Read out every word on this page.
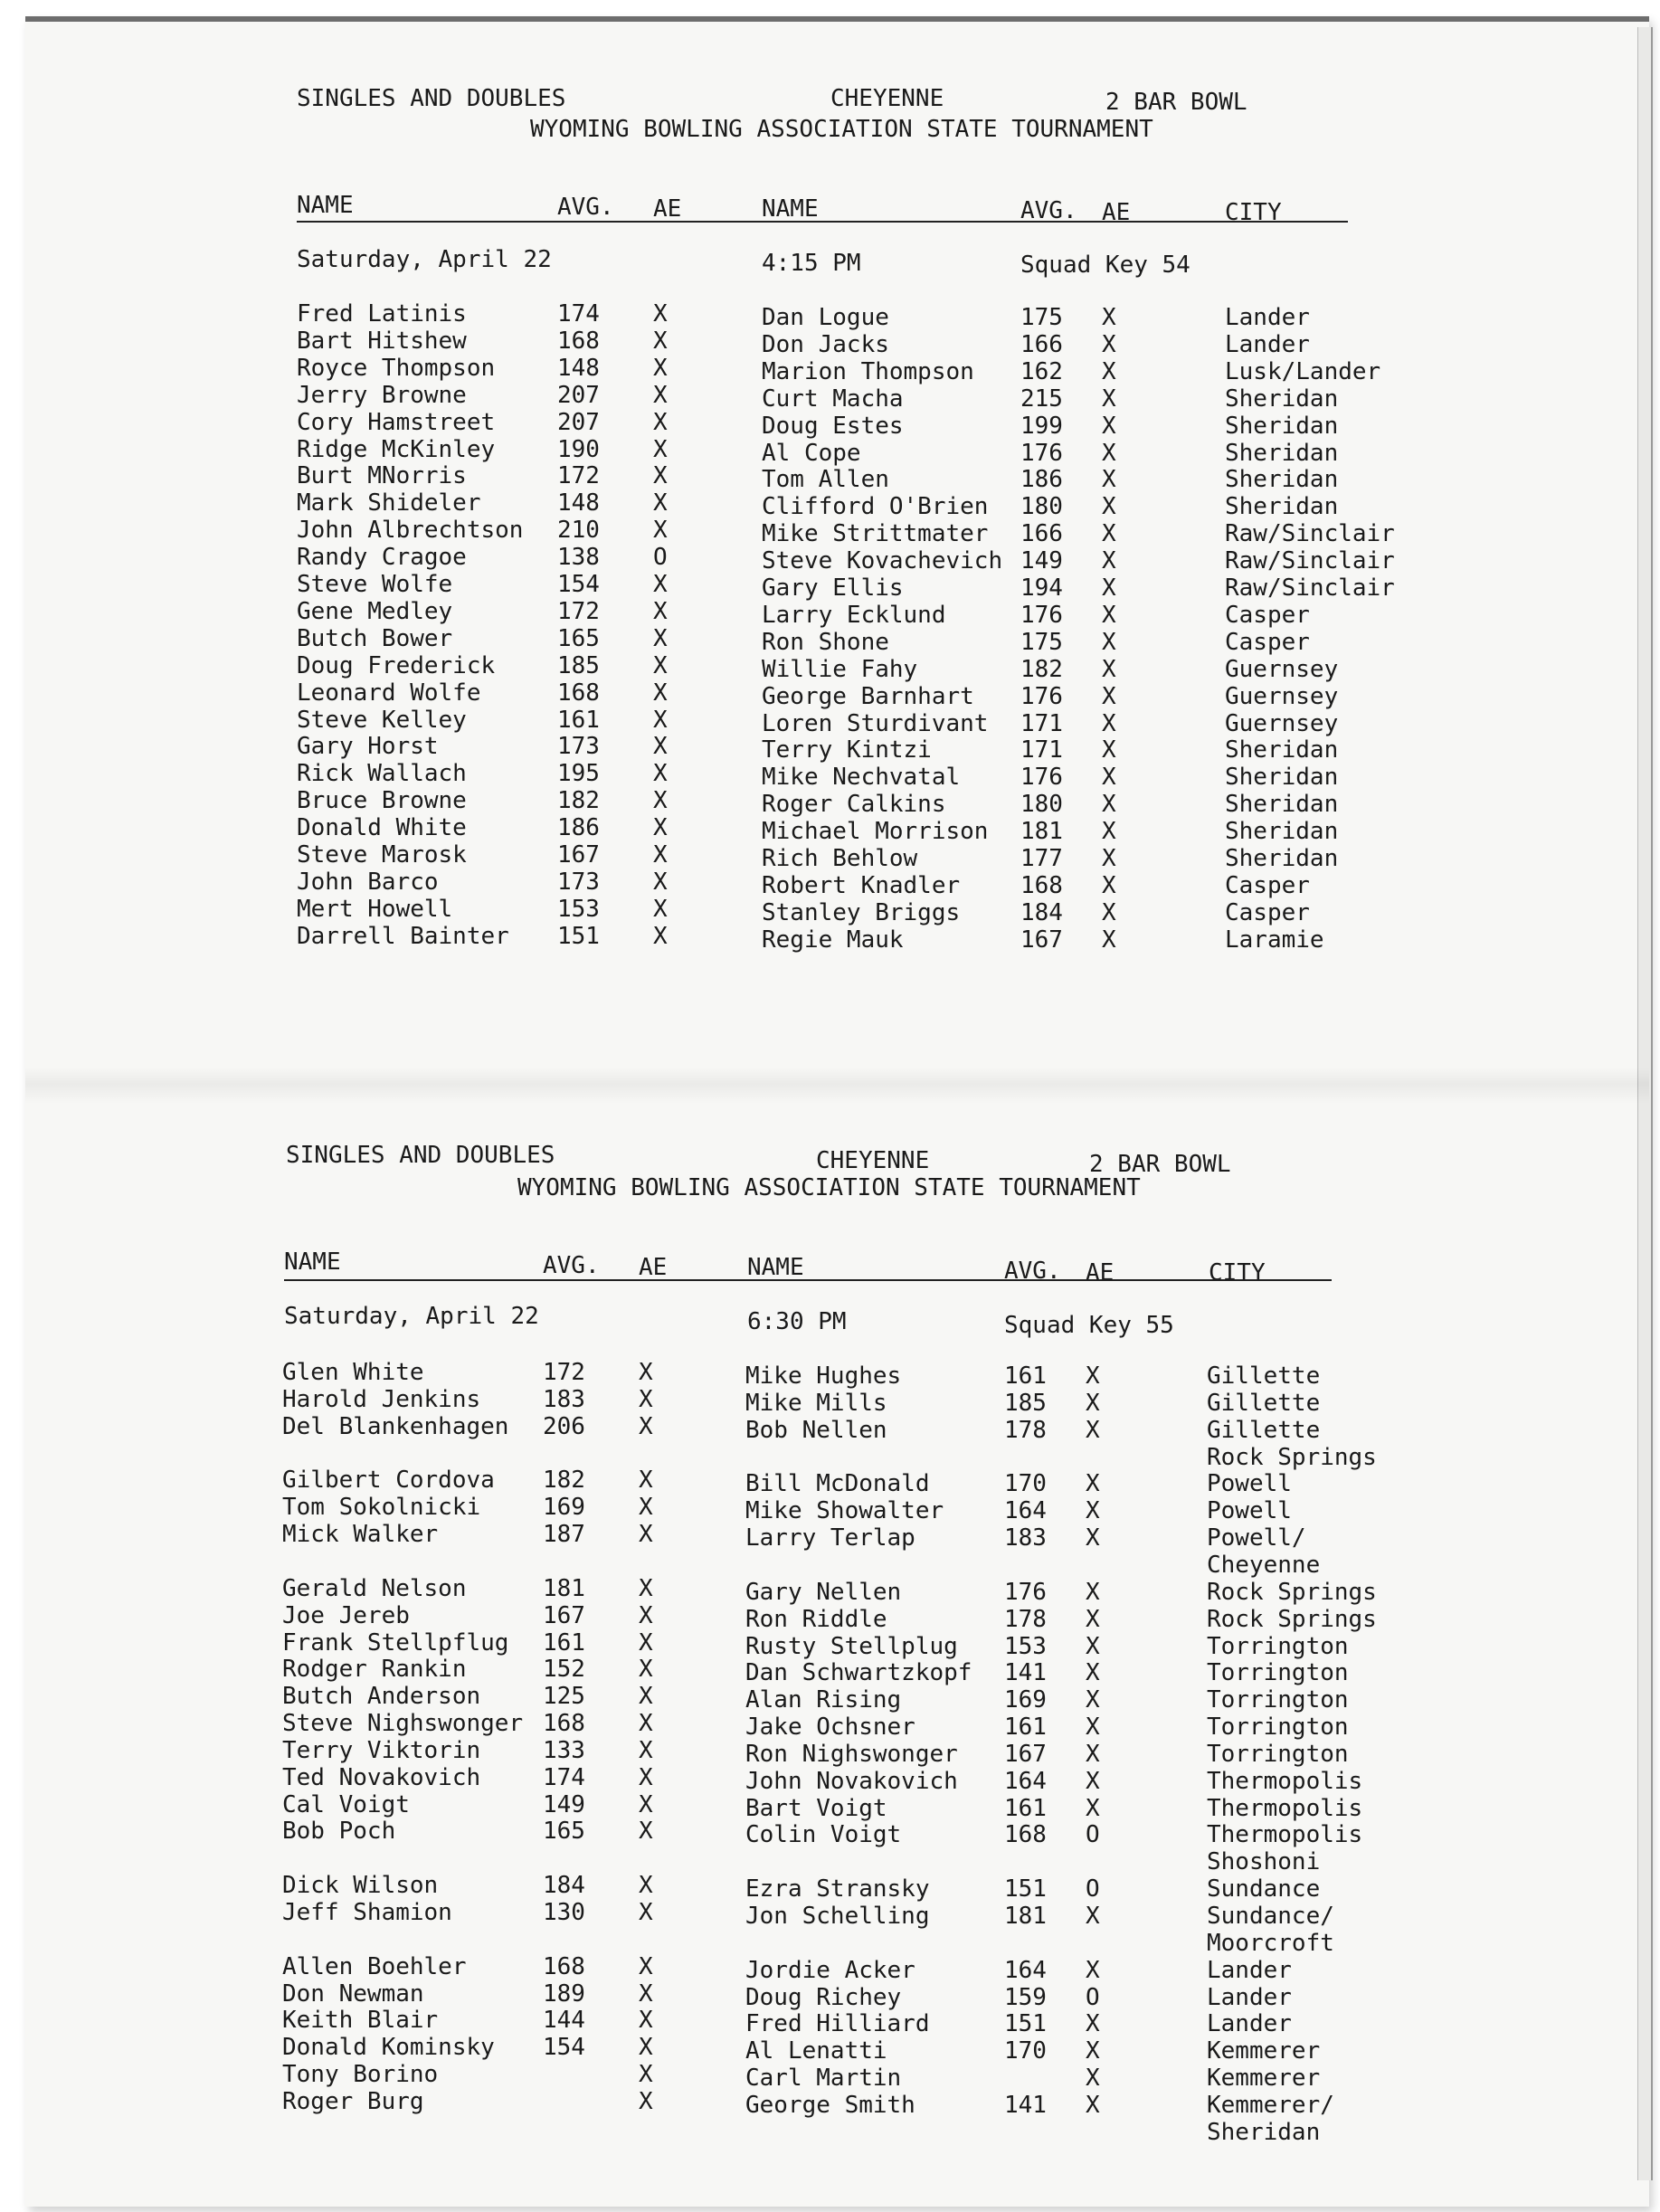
SINGLES AND DOUBLES	CHEYENNE	2 BAR BOWL
WYOMING BOWLING ASSOCIATION STATE TOURNAMENT
NAME	AVG. AE	NAME	AVG. AE	CITY
Saturday, April 22	4:15 PM	Squad Key 54
Fred Latinis	174 X	Dan Logue	175 X	Lander
Bart Hitshew	168 X	Don Jacks	166 X	Lander
Royce Thompson	148 X	Marion Thompson 162 X	Lusk/Lander
Jerry Browne	207 X	Curt Macha	215 X	Sheridan
Cory Hamstreet	207 X	Doug Estes	199 X	Sheridan
Ridge McKinley	190 X	Al Cope	176 X	Sheridan
Burt MNorris	172 X	Tom Allen	186 X	Sheridan
Mark Shideler	148 X	Clifford O'Brien 180 X	Sheridan
John Albrechtson 210 X	Mike Strittmater 166 X	Raw/Sinclair
Randy Cragoe	138 O	Steve Kovachevich 149 X	Raw/Sinclair
Steve Wolfe	154 X	Gary Ellis	194 X	Raw/Sinclair
Gene Medley	172 X	Larry Ecklund	176 X	Casper
Butch Bower	165 X	Ron Shone	175 X	Casper
Doug Frederick	185 X	Willie Fahy	182 X	Guernsey
Leonard Wolfe	168 X	George Barnhart 176 X	Guernsey
Steve Kelley	161 X	Loren Sturdivant 171 X	Guernsey
Gary Horst	173 X	Terry Kintzi	171 X	Sheridan
Rick Wallach	195 X	Mike Nechvatal	176 X	Sheridan
Bruce Browne	182 X	Roger Calkins	180 X	Sheridan
Donald White	186 X	Michael Morrison 181 X	Sheridan
Steve Marosk	167 X	Rich Behlow	177 X	Sheridan
John Barco	173 X	Robert Knadler	168 X	Casper
Mert Howell	153 X	Stanley Briggs	184 X	Casper
Darrell Bainter 151 X	Regie Mauk	167 X	Laramie
SINGLES AND DOUBLES	CHEYENNE	2 BAR BOWL
WYOMING BOWLING ASSOCIATION STATE TOURNAMENT
NAME	AVG. AE	NAME	AVG. AE	CITY
Saturday, April 22	6:30 PM	Squad Key 55
Glen White	172 X	Mike Hughes	161 X	Gillette
Harold Jenkins	183 X	Mike Mills	185 X	Gillette
Del Blankenhagen 206 X	Bob Nellen	178 X	Gillette
Rock Springs
Gilbert Cordova 182 X	Bill McDonald	170 X	Powell
Tom Sokolnicki	169 X	Mike Showalter	164 X	Powell
Mick Walker	187 X	Larry Terlap	183 X	Powell/
Cheyenne
Gerald Nelson	181 X	Gary Nellen	176 X	Rock Springs
Joe Jereb	167 X	Ron Riddle	178 X	Rock Springs
Frank Stellpflug 161 X	Rusty Stellplug 153 X	Torrington
Rodger Rankin	152 X	Dan Schwartzkopf 141 X	Torrington
Butch Anderson	125 X	Alan Rising	169 X	Torrington
Steve Nighswonger 168 X	Jake Ochsner	161 X	Torrington
Terry Viktorin	133 X	Ron Nighswonger 167 X	Torrington
Ted Novakovich	174 X	John Novakovich 164 X	Thermopolis
Cal Voigt	149 X	Bart Voigt	161 X	Thermopolis
Bob Poch	165 X	Colin Voigt	168 O	Thermopolis
Shoshoni
Dick Wilson	184 X	Ezra Stransky	151 O	Sundance
Jeff Shamion	130 X	Jon Schelling	181 X	Sundance/
Moorcroft
Allen Boehler	168 X	Jordie Acker	164 X	Lander
Don Newman	189 X	Doug Richey	159 O	Lander
Keith Blair	144 X	Fred Hilliard	151 X	Lander
Donald Kominsky 154 X	Al Lenatti	170 X	Kemmerer
Tony Borino	X	Carl Martin	X	Kemmerer
Roger Burg	X	George Smith	141 X	Kemmerer/
Sheridan
